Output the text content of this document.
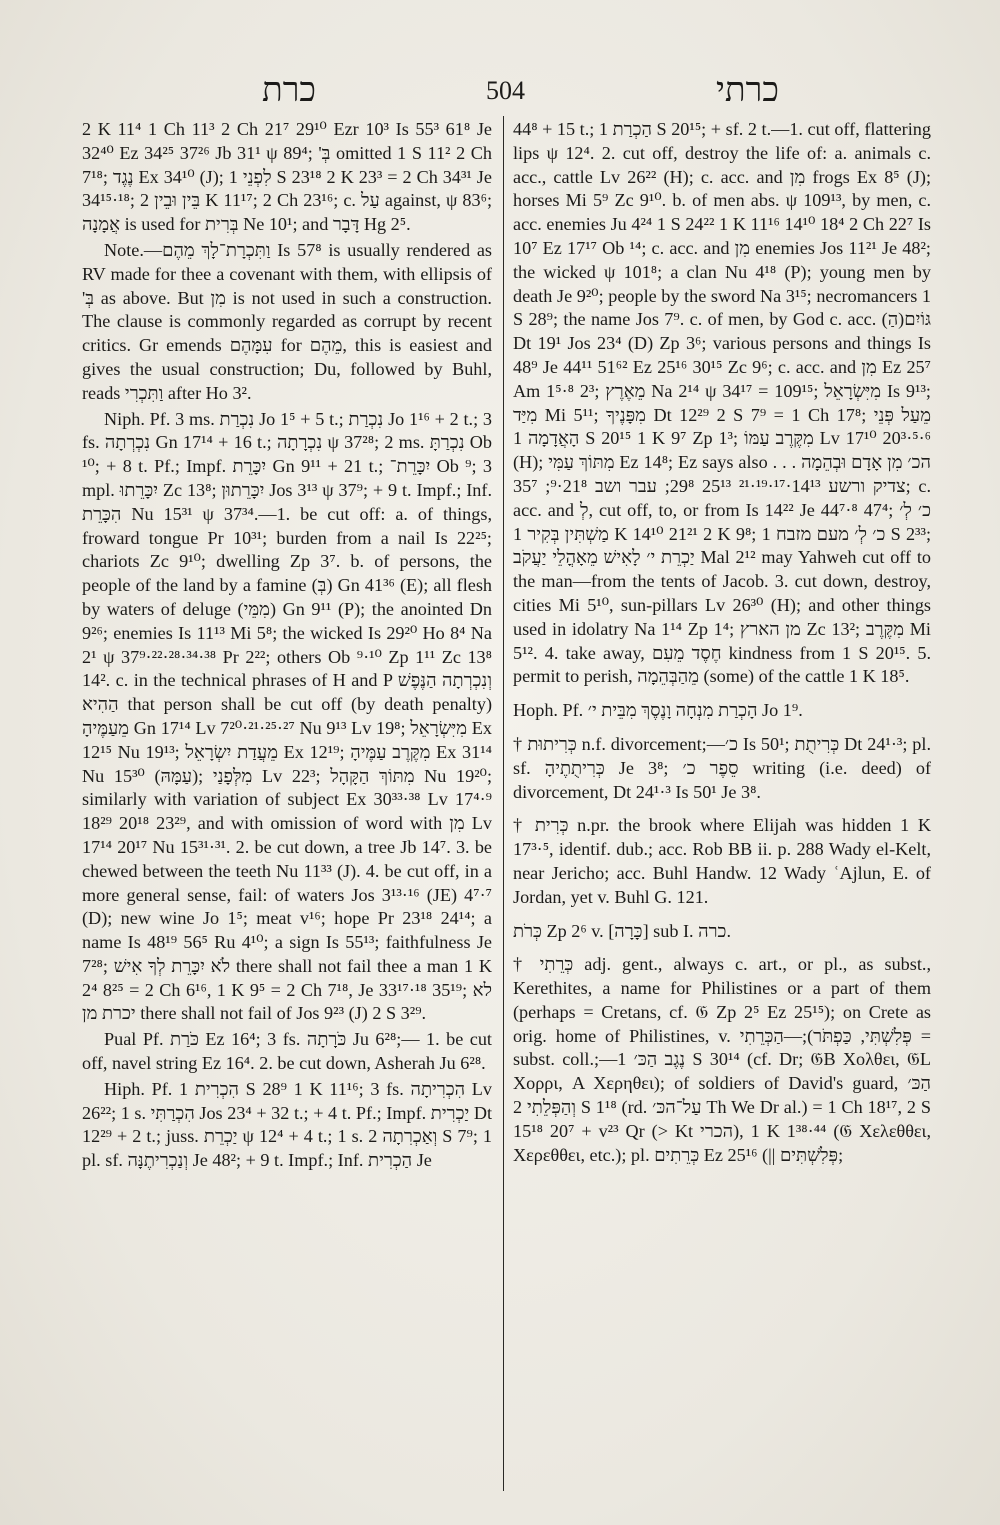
כרת	504	כרתי

2 K 11⁴ 1 Ch 11³ 2 Ch 21⁷ 29¹⁰ Ezr 10³ Is 55³ 61⁸ Je 32⁴⁰ Ez 34²⁵ 37²⁶ Jb 31¹ ψ 89⁴; 'בְּ omitted 1 S 11² 2 Ch 7¹⁸; נֶגֶד Ex 34¹⁰ (J); לִפְנֵי 1 S 23¹⁸ 2 K 23³ = 2 Ch 34³¹ Je 34¹⁵·¹⁸; בֵּין וּבֵין 2 K 11¹⁷; 2 Ch 23¹⁶; c. עַל against, ψ 83⁶; אֲמָנָה is used for בְּרִית Ne 10¹; and דָּבָר Hg 2⁵.

Note.—וַתִּכְרָת־לָךְ מֵהֶם Is 57⁸ is usually rendered as RV made for thee a covenant with them, with ellipsis of 'בְּ as above. But מִן is not used in such a construction. The clause is commonly regarded as corrupt by recent critics. Gr emends עִמָּהֶם for מֵהֶם, this is easiest and gives the usual construction; Du, followed by Buhl, reads וַתִּכְרִי after Ho 3².

Niph. Pf. 3 ms. נִכְרַת Jo 1⁵ + 5 t.; נִכְרַת Jo 1¹⁶ + 2 t.; 3 fs. נִכְרְתָה Gn 17¹⁴ + 16 t.; נִכְרָתָה ψ 37²⁸; 2 ms. נִכְרַתָּ Ob ¹⁰; + 8 t. Pf.; Impf. יִכָּרֵת Gn 9¹¹ + 21 t.; יִכָּרֵת־ Ob ⁹; 3 mpl. יִכָּרֵתוּ Zc 13⁸; יִכָּרֵתוּן Jos 3¹³ ψ 37⁹; + 9 t. Impf.; Inf. הִכָּרֵת Nu 15³¹ ψ 37³⁴.—1. be cut off: a. of things, froward tongue Pr 10³¹; burden from a nail Is 22²⁵; chariots Zc 9¹⁰; dwelling Zp 3⁷. b. of persons, the people of the land by a famine (בְּ) Gn 41³⁶ (E); all flesh by waters of deluge (מִמֵּי) Gn 9¹¹ (P); the anointed Dn 9²⁶; enemies Is 11¹³ Mi 5⁸; the wicked Is 29²⁰ Ho 8⁴ Na 2¹ ψ 37⁹·²²·²⁸·³⁴·³⁸ Pr 2²²; others Ob ⁹·¹⁰ Zp 1¹¹ Zc 13⁸ 14². c. in the technical phrases of H and P וְנִכְרְתָה הַנֶּפֶשׁ הַהִיא that person shall be cut off (by death penalty) מֵעַמֶּיהָ Gn 17¹⁴ Lv 7²⁰·²¹·²⁵·²⁷ Nu 9¹³ Lv 19⁸; מִיִּשְׂרָאֵל Ex 12¹⁵ Nu 19¹³; מֵעֲדַת יִשְׂרָאֵל Ex 12¹⁹; מִקֶּרֶב עַמֶּיהָ Ex 31¹⁴ Nu 15³⁰ (עַמָּהּ); מִלְּפָנַי Lv 22³; מִתּוֹךְ הַקָּהָל Nu 19²⁰; similarly with variation of subject Ex 30³³·³⁸ Lv 17⁴·⁹ 18²⁹ 20¹⁸ 23²⁹, and with omission of word with מִן Lv 17¹⁴ 20¹⁷ Nu 15³¹·³¹. 2. be cut down, a tree Jb 14⁷. 3. be chewed between the teeth Nu 11³³ (J). 4. be cut off, in a more general sense, fail: of waters Jos 3¹³·¹⁶ (JE) 4⁷·⁷ (D); new wine Jo 1⁵; meat v¹⁶; hope Pr 23¹⁸ 24¹⁴; a name Is 48¹⁹ 56⁵ Ru 4¹⁰; a sign Is 55¹³; faithfulness Je 7²⁸; לֹא יִכָּרֵת לְךָ אִישׁ there shall not fail thee a man 1 K 2⁴ 8²⁵ = 2 Ch 6¹⁶, 1 K 9⁵ = 2 Ch 7¹⁸, Je 33¹⁷·¹⁸ 35¹⁹; לא יכרת מן there shall not fail of Jos 9²³ (J) 2 S 3²⁹.

Pual Pf. כֹּרַת Ez 16⁴; 3 fs. כֹּרָתָה Ju 6²⁸;— 1. be cut off, navel string Ez 16⁴. 2. be cut down, Asherah Ju 6²⁸.

Hiph. Pf. הִכְרִית 1 S 28⁹ 1 K 11¹⁶; 3 fs. הִכְרִיתָה Lv 26²²; 1 s. הִכְרַתִּי Jos 23⁴ + 32 t.; + 4 t. Pf.; Impf. יַכְרִית Dt 12²⁹ + 2 t.; juss. יַכְרֵת ψ 12⁴ + 4 t.; 1 s. וְאַכְרִתָה 2 S 7⁹; 1 pl. sf. וְנַכְרִיתֶנָּה Je 48²; + 9 t. Impf.; Inf. הַכְרִית Je

44⁸ + 15 t.; הַכְרַת 1 S 20¹⁵; + sf. 2 t.—1. cut off, flattering lips ψ 12⁴. 2. cut off, destroy the life of: a. animals c. acc., cattle Lv 26²² (H); c. acc. and מִן frogs Ex 8⁵ (J); horses Mi 5⁹ Zc 9¹⁰. b. of men abs. ψ 109¹³, by men, c. acc. enemies Ju 4²⁴ 1 S 24²² 1 K 11¹⁶ 14¹⁰ 18⁴ 2 Ch 22⁷ Is 10⁷ Ez 17¹⁷ Ob ¹⁴; c. acc. and מִן enemies Jos 11²¹ Je 48²; the wicked ψ 101⁸; a clan Nu 4¹⁸ (P); young men by death Je 9²⁰; people by the sword Na 3¹⁵; necromancers 1 S 28⁹; the name Jos 7⁹. c. of men, by God c. acc. (הַ)גּוֹיִם Dt 19¹ Jos 23⁴ (D) Zp 3⁶; various persons and things Is 48⁹ Je 44¹¹ 51⁶² Ez 25¹⁶ 30¹⁵ Zc 9⁶; c. acc. and מִן Ez 25⁷ Am 1⁵·⁸ 2³; מֵאֶרֶץ Na 2¹⁴ ψ 34¹⁷ = 109¹⁵; מִיִּשְׂרָאֵל Is 9¹³; מִיַּד Mi 5¹¹; מִפָּנֶיךָ Dt 12²⁹ 2 S 7⁹ = 1 Ch 17⁸; מֵעַל פְּנֵי הָאֲדָמָה 1 S 20¹⁵ 1 K 9⁷ Zp 1³; מִקֶּרֶב עַמּוֹ Lv 17¹⁰ 20³·⁵·⁶ (H); מִתּוֹךְ עַמִּי Ez 14⁸; Ez says also הכ׳ מִן אָדָם וּבְהֵמָה . . . צדיק ורשע 14¹³·¹⁷·¹⁹·²¹ 25¹³ 29⁸; עבר ושב 21⁸·⁹; 35⁷; c. acc. and לְ, cut off, to, or from Is 14²² Je 44⁷·⁸ 47⁴; כ׳ לְ׳ מַשְׁתִּין בְּקִיר 1 K 14¹⁰ 21²¹ 2 K 9⁸; כ׳ לְ׳ מעם מזבח 1 S 2³³; יַכְרֵת י׳ לָאִישׁ מֵאָהֳלֵי יַעֲקֹב Mal 2¹² may Yahweh cut off to the man—from the tents of Jacob. 3. cut down, destroy, cities Mi 5¹⁰, sun-pillars Lv 26³⁰ (H); and other things used in idolatry Na 1¹⁴ Zp 1⁴; מן הארץ Zc 13²; מִקֶּרֶב Mi 5¹². 4. take away, חֶסֶד מֵעִם kindness from 1 S 20¹⁵. 5. permit to perish, מֵהַבְּהֵמָה (some) of the cattle 1 K 18⁵.

Hoph. Pf. הָכְרַת מִנְחָה וָנֶסֶךְ מִבֵּית י׳ Jo 1⁹.

† כְּרִיתוּת n.f. divorcement;—כ׳ Is 50¹; כְּרִיתֻת Dt 24¹·³; pl. sf. כְּרִיתֻתֶיהָ Je 3⁸; סֵפֶר כ׳ writing (i.e. deed) of divorcement, Dt 24¹·³ Is 50¹ Je 3⁸.

† כְּרִית n.pr. the brook where Elijah was hidden 1 K 17³·⁵, identif. dub.; acc. Rob BB ii. p. 288 Wady el-Kelt, near Jericho; acc. Buhl Handw. 12 Wady ʿAjlun, E. of Jordan, yet v. Buhl G. 121.

כְּרֹת Zp 2⁶ v. [כָּרָה] sub I. כרה.

† כְּרֵתִי adj. gent., always c. art., or pl., as subst., Kerethites, a name for Philistines or a part of them (perhaps = Cretans, cf. 𝔊 Zp 2⁵ Ez 25¹⁵); on Crete as orig. home of Philistines, v. פְּלִשְׁתִּי, כַּפְתֹּר);—הַכְּרֵתִי = subst. coll.;—נֶגֶב הַכּ׳ 1 S 30¹⁴ (cf. Dr; 𝔊B Χολθει, 𝔊L Χορρι, A Χερηθει); of soldiers of David's guard, הַכּ׳ וְהַפְּלֵתִי 2 S 1¹⁸ (rd. עַל־הכּ׳ Th We Dr al.) = 1 Ch 18¹⁷, 2 S 15¹⁸ 20⁷ + v²³ Qr (> Kt הכרי), 1 K 1³⁸·⁴⁴ (𝔊 Χελεθθει, Χερεθθει, etc.); pl. כְּרֵתִים Ez 25¹⁶ (|| פְּלִשְׁתִּים;
